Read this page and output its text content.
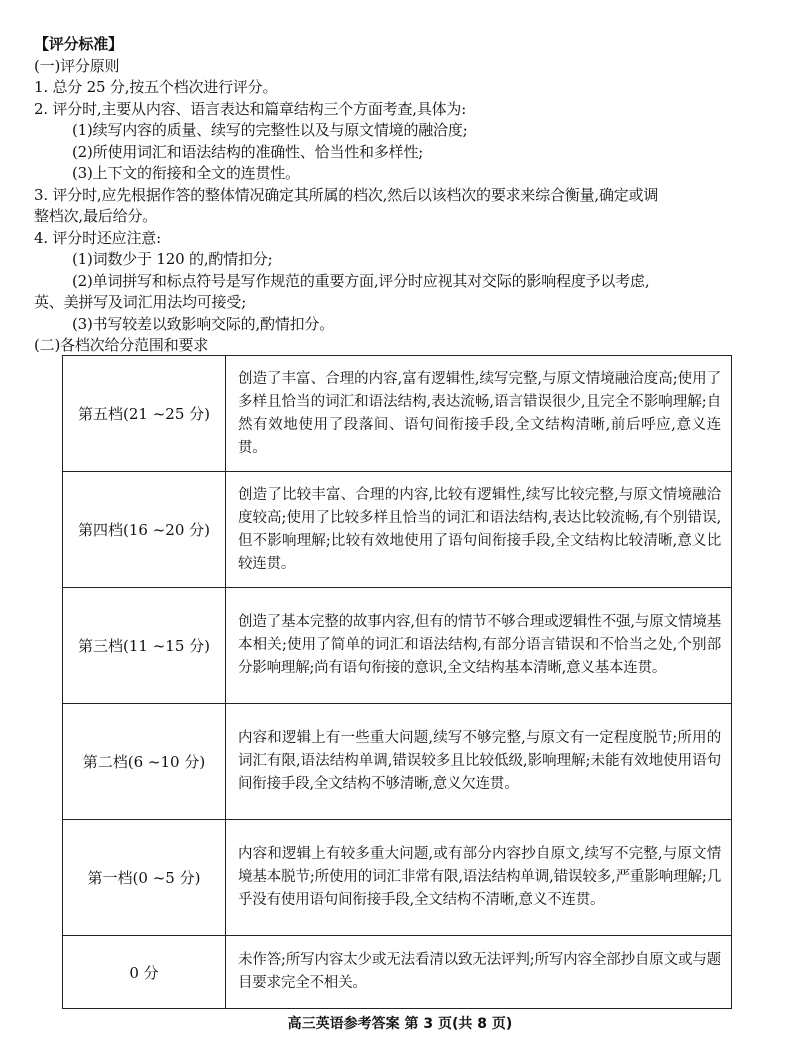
【评分标准】
(一)评分原则
1. 总分 25 分,按五个档次进行评分。
2. 评分时,主要从内容、语言表达和篇章结构三个方面考查,具体为:
(1)续写内容的质量、续写的完整性以及与原文情境的融洽度;
(2)所使用词汇和语法结构的准确性、恰当性和多样性;
(3)上下文的衔接和全文的连贯性。
3. 评分时,应先根据作答的整体情况确定其所属的档次,然后以该档次的要求来综合衡量,确定或调
整档次,最后给分。
4. 评分时还应注意:
(1)词数少于 120 的,酌情扣分;
(2)单词拼写和标点符号是写作规范的重要方面,评分时应视其对交际的影响程度予以考虑,
英、美拼写及词汇用法均可接受;
(3)书写较差以致影响交际的,酌情扣分。
(二)各档次给分范围和要求
第五档(21 ~25 分)	创造了丰富、合理的内容,富有逻辑性,续写完整,与原文情境融洽度高;使用了多样且恰当的词汇和语法结构,表达流畅,语言错误很少,且完全不影响理解;自然有效地使用了段落间、语句间衔接手段,全文结构清晰,前后呼应,意义连贯。
第四档(16 ~20 分)	创造了比较丰富、合理的内容,比较有逻辑性,续写比较完整,与原文情境融洽度较高;使用了比较多样且恰当的词汇和语法结构,表达比较流畅,有个别错误,但不影响理解;比较有效地使用了语句间衔接手段,全文结构比较清晰,意义比较连贯。
第三档(11 ~15 分)	创造了基本完整的故事内容,但有的情节不够合理或逻辑性不强,与原文情境基本相关;使用了简单的词汇和语法结构,有部分语言错误和不恰当之处,个别部分影响理解;尚有语句衔接的意识,全文结构基本清晰,意义基本连贯。
第二档(6 ~10 分)	内容和逻辑上有一些重大问题,续写不够完整,与原文有一定程度脱节;所用的词汇有限,语法结构单调,错误较多且比较低级,影响理解;未能有效地使用语句间衔接手段,全文结构不够清晰,意义欠连贯。
第一档(0 ~5 分)	内容和逻辑上有较多重大问题,或有部分内容抄自原文,续写不完整,与原文情境基本脱节;所使用的词汇非常有限,语法结构单调,错误较多,严重影响理解;几乎没有使用语句间衔接手段,全文结构不清晰,意义不连贯。
0 分	未作答;所写内容太少或无法看清以致无法评判;所写内容全部抄自原文或与题目要求完全不相关。
高三英语参考答案 第 3 页(共 8 页)
